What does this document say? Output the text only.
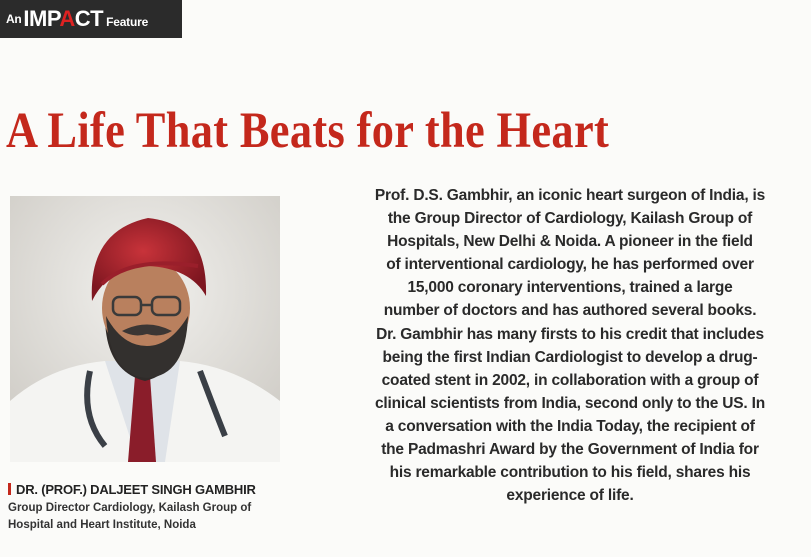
An IMPACT Feature
A Life That Beats for the Heart
DR. (PROF.) DALJEET SINGH GAMBHIR
Group Director Cardiology, Kailash Group of
Hospital and Heart Institute, Noida
Prof. D.S. Gambhir, an iconic heart surgeon of India, is
the Group Director of Cardiology, Kailash Group of
Hospitals, New Delhi & Noida. A pioneer in the field
of interventional cardiology, he has performed over
15,000 coronary interventions, trained a large
number of doctors and has authored several books.
Dr. Gambhir has many firsts to his credit that includes
being the first Indian Cardiologist to develop a drug-
coated stent in 2002, in collaboration with a group of
clinical scientists from India, second only to the US. In
a conversation with the India Today, the recipient of
the Padmashri Award by the Government of India for
his remarkable contribution to his field, shares his
experience of life.
